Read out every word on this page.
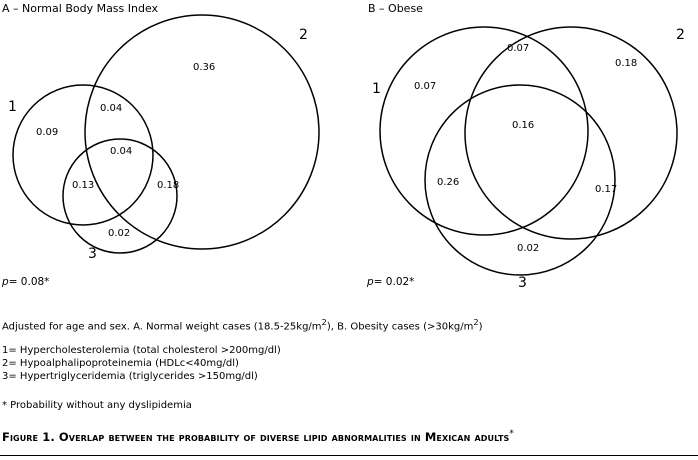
A – Normal Body Mass Index
1
2
3
0.36
0.09
0.04
0.04
0.13	0.18
0.02
p= 0.08*
B – Obese
1
2
3
0.07
0.07
0.18
0.16
0.26
0.17
0.02
p= 0.02*
Adjusted for age and sex. A. Normal weight cases $(18.5-25kg/m^2)$, B. Obesity cases $(>30kg/m^2)$
1= Hypercholesterolemia (total cholesterol >200mg/dl)
2= Hypoalphalipoproteinemia (HDLc<40mg/dl)
3= Hypertriglyceridemia (triglycerides >150mg/dl)
* Probability without any dyslipidemia
Figure 1. Overlap between the probability of diverse lipid abnormalities in Mexican adults*
